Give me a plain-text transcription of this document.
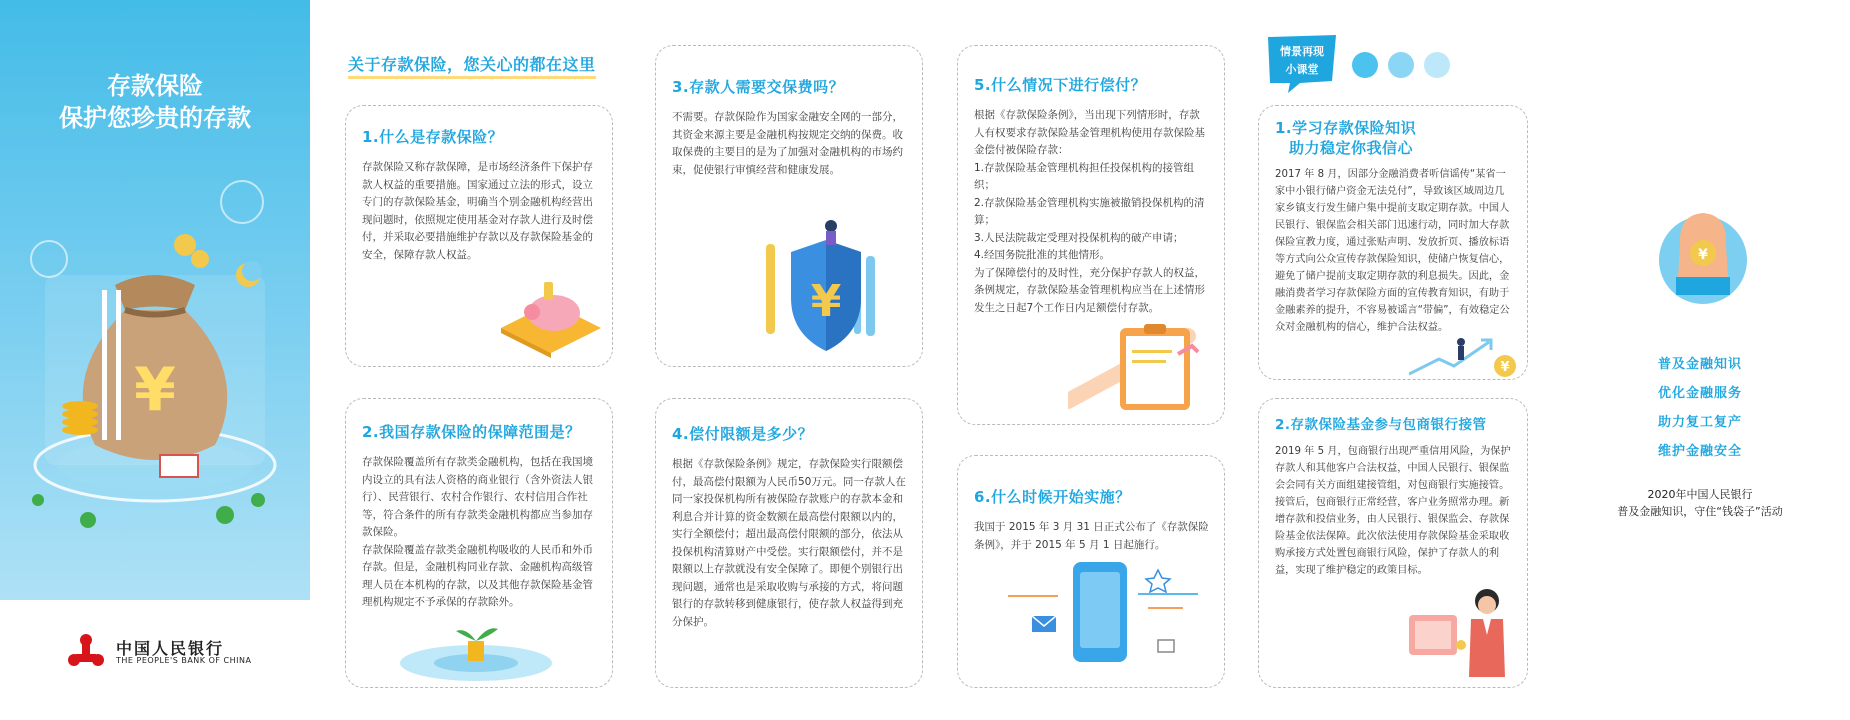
存款保险
保护您珍贵的存款
¥
中国人民银行
THE PEOPLE'S BANK OF CHINA
关于存款保险，您关心的都在这里
1.什么是存款保险？
存款保险又称存款保障，是市场经济条件下保护存款人权益的重要措施。国家通过立法的形式，设立专门的存款保险基金，明确当个别金融机构经营出现问题时，依照规定使用基金对存款人进行及时偿付，并采取必要措施维护存款以及存款保险基金的安全，保障存款人权益。
2.我国存款保险的保障范围是？

存款保险覆盖所有存款类金融机构，包括在我国境内设立的具有法人资格的商业银行（含外资法人银行）、民营银行、农村合作银行、农村信用合作社等，符合条件的所有存款类金融机构都应当参加存款保险。

存款保险覆盖存款类金融机构吸收的人民币和外币存款。但是，金融机构同业存款、金融机构高级管理人员在本机构的存款，以及其他存款保险基金管理机构规定不予承保的存款除外。

3.存款人需要交保费吗？
不需要。存款保险作为国家金融安全网的一部分，其资金来源主要是金融机构按规定交纳的保费。收取保费的主要目的是为了加强对金融机构的市场约束，促使银行审慎经营和健康发展。
¥
4.偿付限额是多少？
根据《存款保险条例》规定，存款保险实行限额偿付，最高偿付限额为人民币50万元。同一存款人在同一家投保机构所有被保险存款账户的存款本金和利息合并计算的资金数额在最高偿付限额以内的，实行全额偿付；超出最高偿付限额的部分，依法从投保机构清算财产中受偿。实行限额偿付，并不是限额以上存款就没有安全保障了。即便个别银行出现问题，通常也是采取收购与承接的方式，将问题银行的存款转移到健康银行，使存款人权益得到充分保护。
5.什么情况下进行偿付？

根据《存款保险条例》，当出现下列情形时，存款人有权要求存款保险基金管理机构使用存款保险基金偿付被保险存款：

1.存款保险基金管理机构担任投保机构的接管组织；

2.存款保险基金管理机构实施被撤销投保机构的清算；

3.人民法院裁定受理对投保机构的破产申请；

4.经国务院批准的其他情形。

为了保障偿付的及时性，充分保护存款人的权益，条例规定，存款保险基金管理机构应当在上述情形发生之日起7个工作日内足额偿付存款。

6.什么时候开始实施？
我国于 2015 年 3 月 31 日正式公布了《存款保险条例》，并于 2015 年 5 月 1 日起施行。
情景再现
小课堂
1.学习存款保险知识
助力稳定你我信心
2017 年 8 月，因部分金融消费者听信谣传“某省一家中小银行储户资金无法兑付”，导致该区域周边几家乡镇支行发生储户集中提前支取定期存款。中国人民银行、银保监会相关部门迅速行动，同时加大存款保险宣教力度，通过张贴声明、发放折页、播放标语等方式向公众宣传存款保险知识，使储户恢复信心，避免了储户提前支取定期存款的利息损失。因此，金融消费者学习存款保险方面的宣传教育知识，有助于金融素养的提升，不容易被谣言“带偏”，有效稳定公众对金融机构的信心，维护合法权益。
¥
2.存款保险基金参与包商银行接管
2019 年 5 月，包商银行出现严重信用风险，为保护存款人和其他客户合法权益，中国人民银行、银保监会会同有关方面组建接管组，对包商银行实施接管。接管后，包商银行正常经营，客户业务照常办理。新增存款和投信业务，由人民银行、银保监会、存款保险基金依法保障。此次依法使用存款保险基金采取收购承接方式处置包商银行风险，保护了存款人的利益，实现了维护稳定的政策目标。
¥
普及金融知识
优化金融服务
助力复工复产
维护金融安全
2020年中国人民银行
普及金融知识，守住“钱袋子”活动
